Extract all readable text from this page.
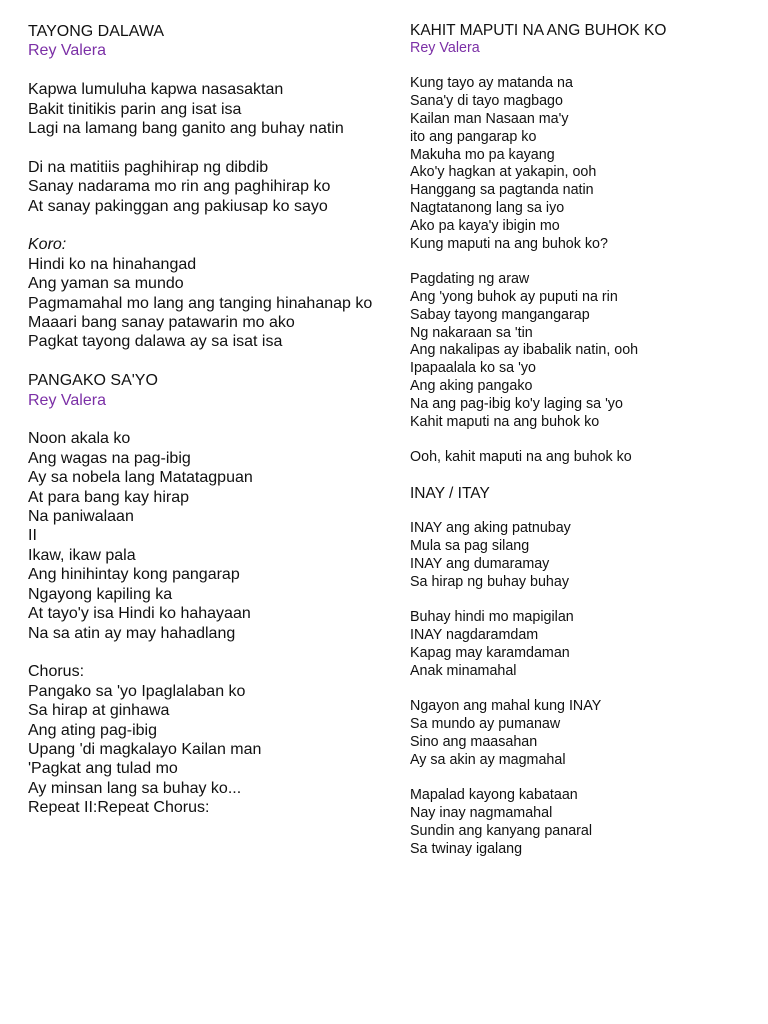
TAYONG DALAWA
Rey Valera
Kapwa lumuluha kapwa nasasaktan
Bakit tinitikis parin ang isat isa
Lagi na lamang bang ganito ang buhay natin
Di na matitiis paghihirap ng dibdib
Sanay nadarama mo rin ang paghihirap ko
At sanay pakinggan ang pakiusap ko sayo
Koro:
Hindi ko na hinahangad
Ang yaman sa mundo
Pagmamahal mo lang ang tanging hinahanap ko
Maaari bang sanay patawarin mo ako
Pagkat tayong dalawa ay sa isat isa
PANGAKO SA'YO
Rey Valera
Noon akala ko
Ang wagas na pag-ibig
Ay sa nobela lang Matatagpuan
At para bang kay hirap
Na paniwalaan
II
Ikaw, ikaw pala
Ang hinihintay kong pangarap
Ngayong kapiling ka
At tayo'y isa Hindi ko hahayaan
Na sa atin ay may hahadlang
Chorus:
Pangako sa 'yo Ipaglalaban ko
Sa hirap at ginhawa
Ang ating pag-ibig
Upang 'di magkalayo Kailan man
'Pagkat ang tulad mo
Ay minsan lang sa buhay ko...
Repeat II:Repeat Chorus:
KAHIT MAPUTI NA ANG BUHOK KO
Rey Valera
Kung tayo ay matanda na
Sana'y di tayo magbago
Kailan man Nasaan ma'y
ito ang pangarap ko
Makuha mo pa kayang
Ako'y hagkan at yakapin, ooh
Hanggang sa pagtanda natin
Nagtatanong lang sa iyo
Ako pa kaya'y ibigin mo
Kung maputi na ang buhok ko?
Pagdating ng araw
Ang 'yong buhok ay puputi na rin
Sabay tayong mangangarap
Ng nakaraan sa 'tin
Ang nakalipas ay ibabalik natin, ooh
Ipapaalala ko sa 'yo
Ang aking pangako
Na ang pag-ibig ko'y laging sa 'yo
Kahit maputi na ang buhok ko
Ooh, kahit maputi na ang buhok ko
INAY / ITAY
INAY ang aking patnubay
Mula sa pag silang
INAY ang dumaramay
Sa hirap ng buhay buhay
Buhay hindi mo mapigilan
INAY nagdaramdam
Kapag may karamdaman
Anak minamahal
Ngayon ang mahal kung INAY
Sa mundo ay pumanaw
Sino ang maasahan
Ay sa akin ay magmahal
Mapalad kayong kabataan
Nay inay nagmamahal
Sundin ang kanyang panaral
Sa twinay igalang
